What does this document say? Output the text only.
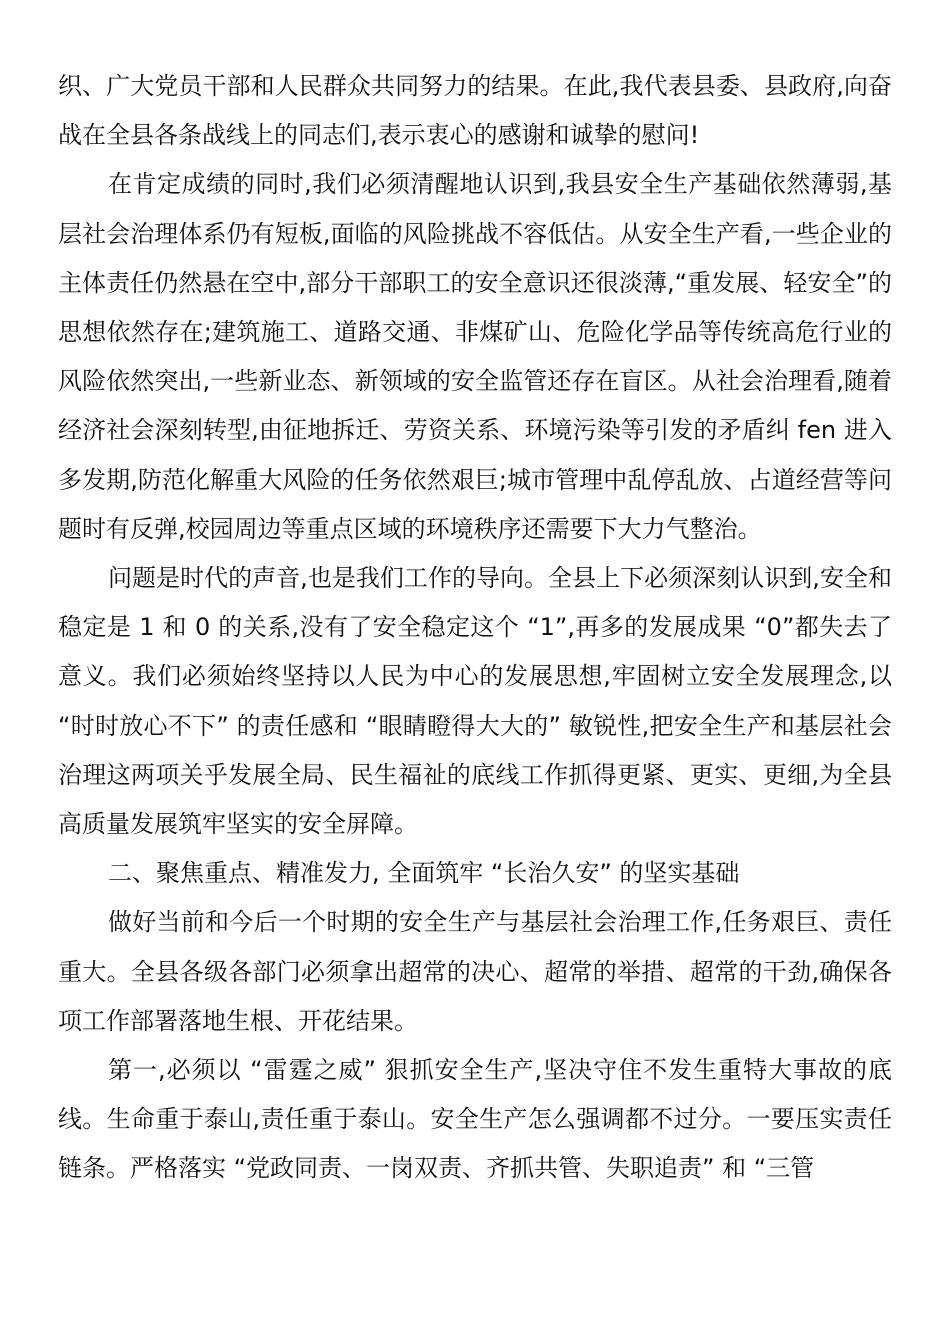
织、广大党员干部和人民群众共同努力的结果。在此,我代表县委、县政府,向奋战在全县各条战线上的同志们,表示衷心的感谢和诚挚的慰问!

在肯定成绩的同时,我们必须清醒地认识到,我县安全生产基础依然薄弱,基层社会治理体系仍有短板,面临的风险挑战不容低估。从安全生产看,一些企业的主体责任仍然悬在空中,部分干部职工的安全意识还很淡薄,“重发展、轻安全”的思想依然存在;建筑施工、道路交通、非煤矿山、危险化学品等传统高危行业的风险依然突出,一些新业态、新领域的安全监管还存在盲区。从社会治理看,随着经济社会深刻转型,由征地拆迁、劳资关系、环境污染等引发的矛盾纠 fen 进入多发期,防范化解重大风险的任务依然艰巨;城市管理中乱停乱放、占道经营等问题时有反弹,校园周边等重点区域的环境秩序还需要下大力气整治。

问题是时代的声音,也是我们工作的导向。全县上下必须深刻认识到,安全和稳定是 1 和 0 的关系,没有了安全稳定这个 “1”,再多的发展成果 “0”都失去了意义。我们必须始终坚持以人民为中心的发展思想,牢固树立安全发展理念,以 “时时放心不下” 的责任感和 “眼睛瞪得大大的” 敏锐性,把安全生产和基层社会治理这两项关乎发展全局、民生福祉的底线工作抓得更紧、更实、更细,为全县高质量发展筑牢坚实的安全屏障。

二、聚焦重点、精准发力, 全面筑牢 “长治久安” 的坚实基础

做好当前和今后一个时期的安全生产与基层社会治理工作,任务艰巨、责任重大。全县各级各部门必须拿出超常的决心、超常的举措、超常的干劲,确保各项工作部署落地生根、开花结果。

第一,必须以 “雷霆之威” 狠抓安全生产,坚决守住不发生重特大事故的底线。生命重于泰山,责任重于泰山。安全生产怎么强调都不过分。一要压实责任链条。严格落实 “党政同责、一岗双责、齐抓共管、失职追责” 和 “三管
